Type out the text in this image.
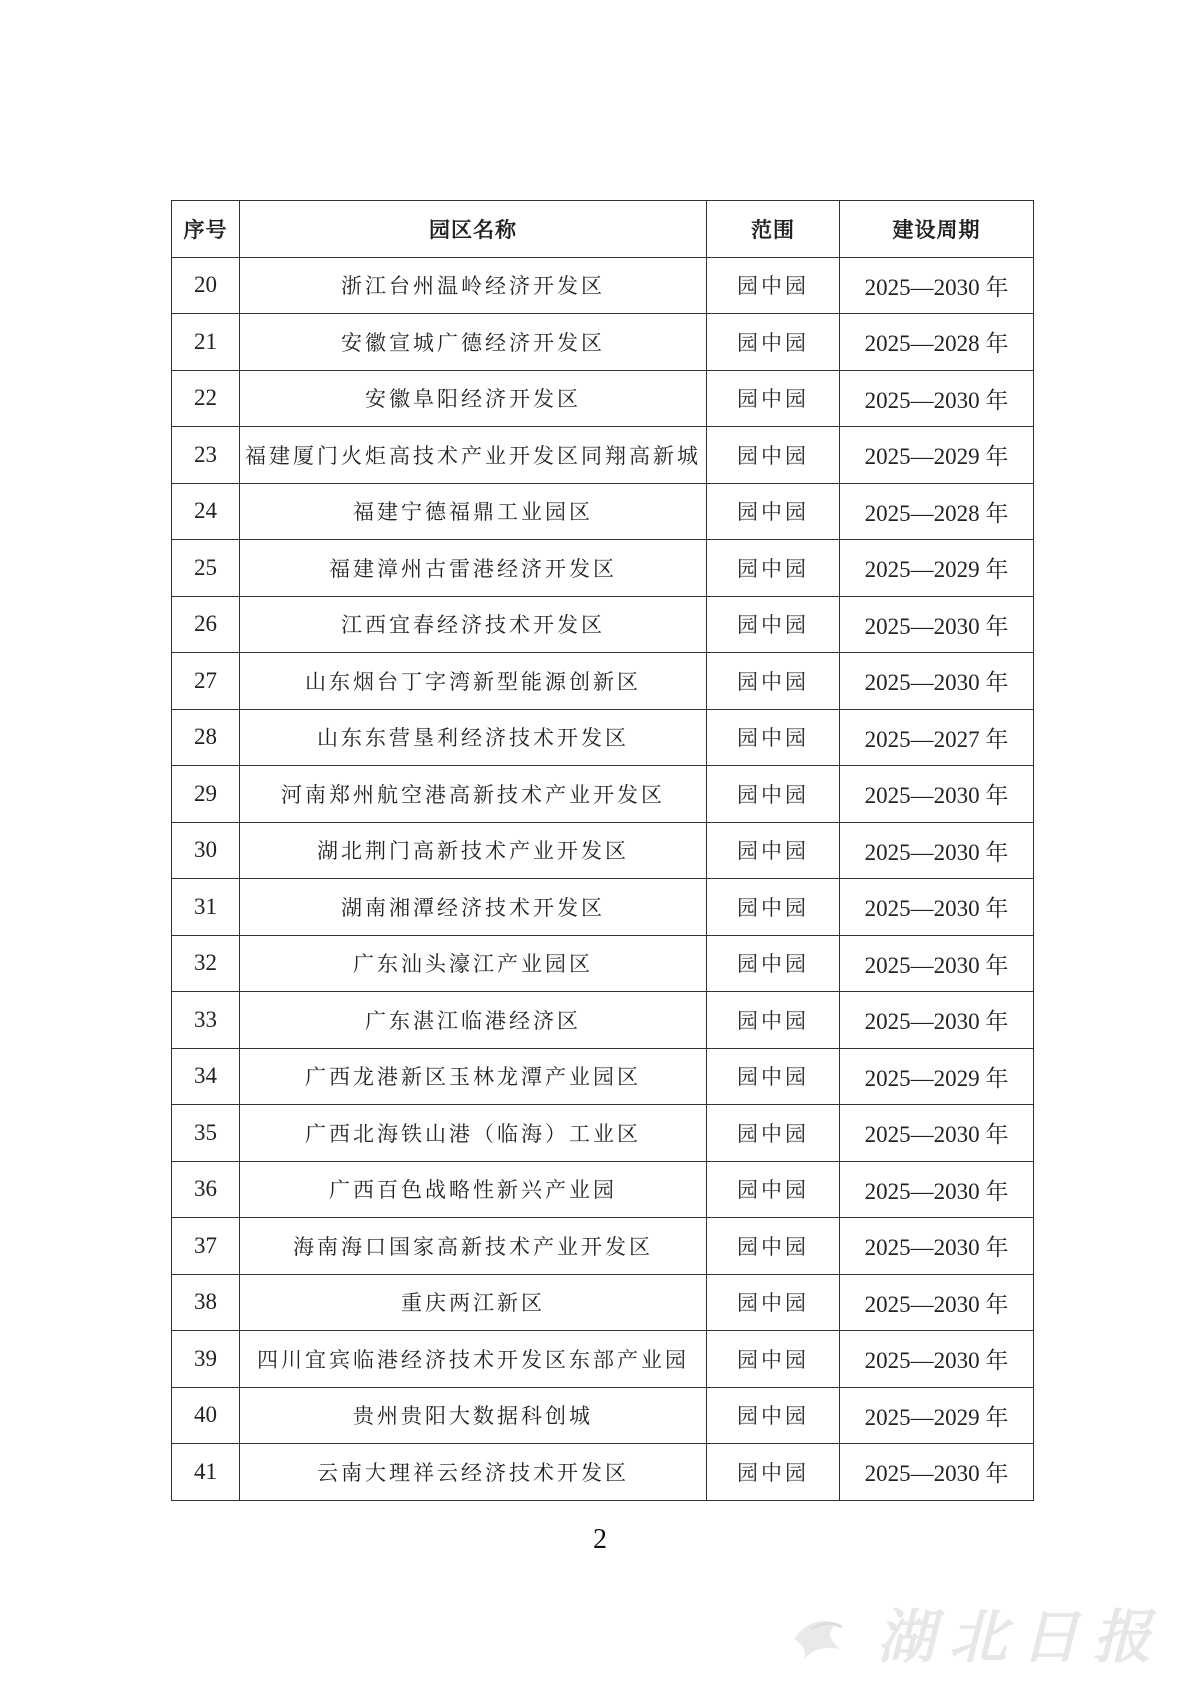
序号	园区名称	范围	建设周期
20	浙江台州温岭经济开发区	园中园	2025—2030 年
21	安徽宣城广德经济开发区	园中园	2025—2028 年
22	安徽阜阳经济开发区	园中园	2025—2030 年
23	福建厦门火炬高技术产业开发区同翔高新城	园中园	2025—2029 年
24	福建宁德福鼎工业园区	园中园	2025—2028 年
25	福建漳州古雷港经济开发区	园中园	2025—2029 年
26	江西宜春经济技术开发区	园中园	2025—2030 年
27	山东烟台丁字湾新型能源创新区	园中园	2025—2030 年
28	山东东营垦利经济技术开发区	园中园	2025—2027 年
29	河南郑州航空港高新技术产业开发区	园中园	2025—2030 年
30	湖北荆门高新技术产业开发区	园中园	2025—2030 年
31	湖南湘潭经济技术开发区	园中园	2025—2030 年
32	广东汕头濠江产业园区	园中园	2025—2030 年
33	广东湛江临港经济区	园中园	2025—2030 年
34	广西龙港新区玉林龙潭产业园区	园中园	2025—2029 年
35	广西北海铁山港（临海）工业区	园中园	2025—2030 年
36	广西百色战略性新兴产业园	园中园	2025—2030 年
37	海南海口国家高新技术产业开发区	园中园	2025—2030 年
38	重庆两江新区	园中园	2025—2030 年
39	四川宜宾临港经济技术开发区东部产业园	园中园	2025—2030 年
40	贵州贵阳大数据科创城	园中园	2025—2029 年
41	云南大理祥云经济技术开发区	园中园	2025—2030 年
2
湖北日报
